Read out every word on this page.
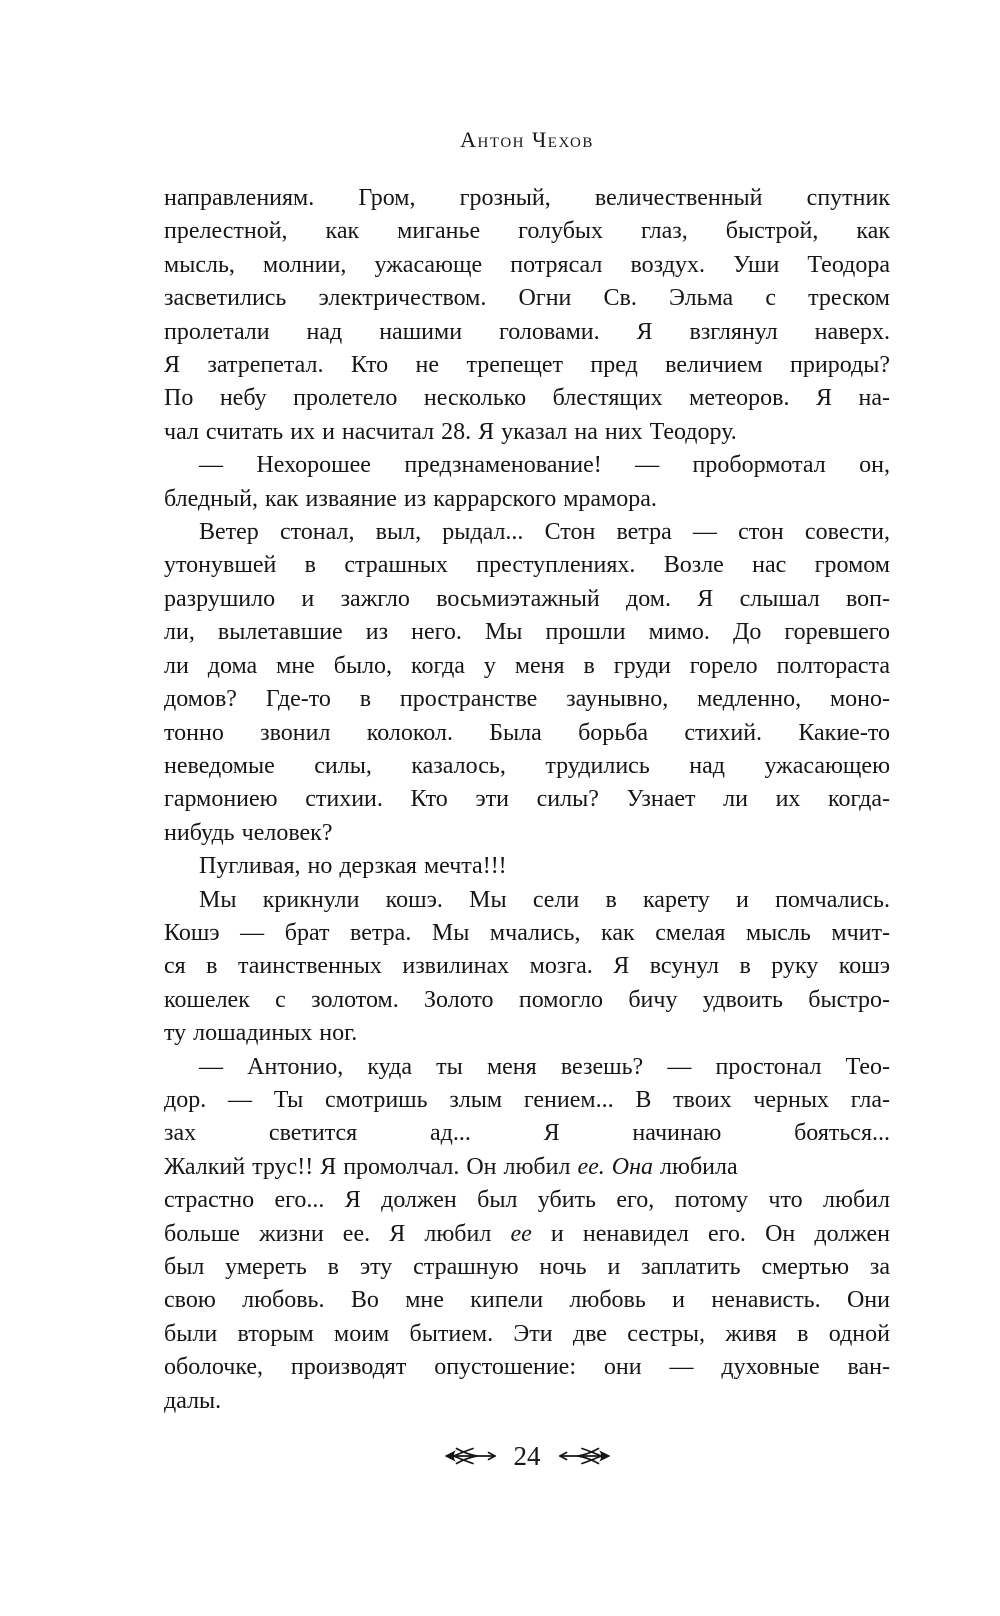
Антон Чехов
направлениям. Гром, грозный, величественный спутник
прелестной, как миганье голубых глаз, быстрой, как
мысль, молнии, ужасающе потрясал воздух. Уши Теодора
засветились электричеством. Огни Св. Эльма с треском
пролетали над нашими головами. Я взглянул наверх.
Я затрепетал. Кто не трепещет пред величием природы?
По небу пролетело несколько блестящих метеоров. Я на-
чал считать их и насчитал 28. Я указал на них Теодору.
— Нехорошее предзнаменование! — пробормотал он,
бледный, как изваяние из каррарского мрамора.
Ветер стонал, выл, рыдал... Стон ветра — стон совести,
утонувшей в страшных преступлениях. Возле нас громом
разрушило и зажгло восьмиэтажный дом. Я слышал воп-
ли, вылетавшие из него. Мы прошли мимо. До горевшего
ли дома мне было, когда у меня в груди горело полтораста
домов? Где-то в пространстве заунывно, медленно, моно-
тонно звонил колокол. Была борьба стихий. Какие-то
неведомые силы, казалось, трудились над ужасающею
гармониею стихии. Кто эти силы? Узнает ли их когда-
нибудь человек?
Пугливая, но дерзкая мечта!!!
Мы крикнули кошэ. Мы сели в карету и помчались.
Кошэ — брат ветра. Мы мчались, как смелая мысль мчит-
ся в таинственных извилинах мозга. Я всунул в руку кошэ
кошелек с золотом. Золото помогло бичу удвоить быстро-
ту лошадиных ног.
— Антонио, куда ты меня везешь? — простонал Тео-
дор. — Ты смотришь злым гением... В твоих черных гла-
зах светится ад... Я начинаю бояться...
Жалкий трус!! Я промолчал. Он любил ее. Она любила
страстно его... Я должен был убить его, потому что любил
больше жизни ее. Я любил ее и ненавидел его. Он должен
был умереть в эту страшную ночь и заплатить смертью за
свою любовь. Во мне кипели любовь и ненависть. Они
были вторым моим бытием. Эти две сестры, живя в одной
оболочке, производят опустошение: они — духовные ван-
далы.
24
